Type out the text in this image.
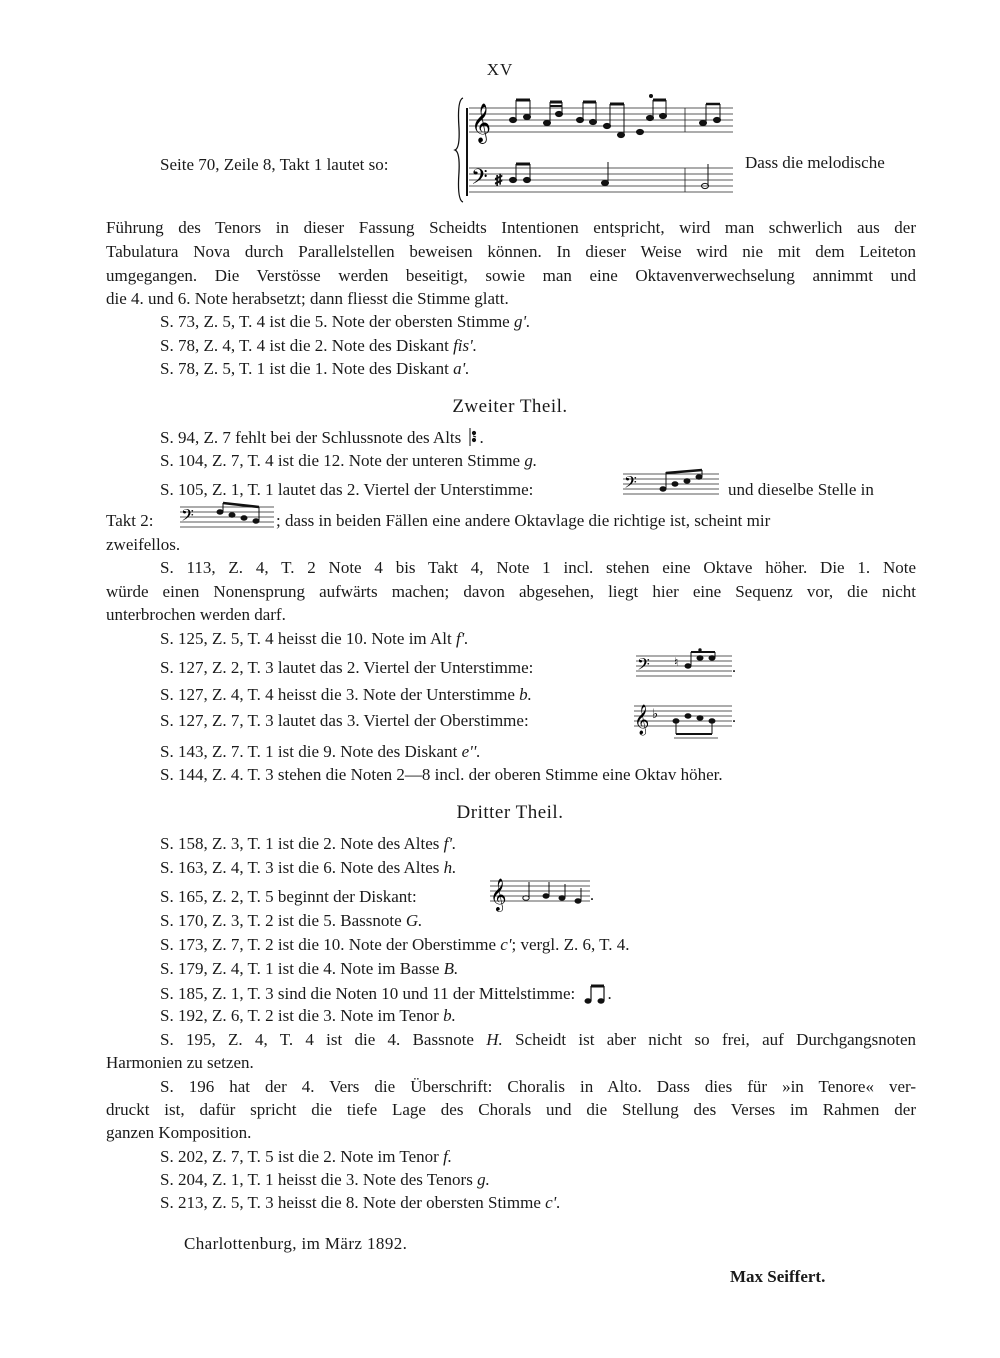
XV
Seite 70, Zeile 8, Takt 1 lautet so:
𝄞
𝄢 ♯
Dass die melodische
Führung des Tenors in dieser Fassung Scheidts Intentionen entspricht, wird man schwerlich aus der
Tabulatura Nova durch Parallelstellen beweisen können. In dieser Weise wird nie mit dem Leiteton
umgegangen. Die Verstösse werden beseitigt, sowie man eine Oktavenverwechselung annimmt und
die 4. und 6. Note herabsetzt; dann fliesst die Stimme glatt.
S. 73, Z. 5, T. 4 ist die 5. Note der obersten Stimme g'.
S. 78, Z. 4, T. 4 ist die 2. Note des Diskant fis'.
S. 78, Z. 5, T. 1 ist die 1. Note des Diskant a'.
Zweiter Theil.
S. 94, Z. 7 fehlt bei der Schlussnote des Alts .
S. 104, Z. 7, T. 4 ist die 12. Note der unteren Stimme g.
S. 105, Z. 1, T. 1 lautet das 2. Viertel der Unterstimme:	𝄢	und dieselbe Stelle in
Takt 2: 𝄢	; dass in beiden Fällen eine andere Oktavlage die richtige ist, scheint mir
zweifellos.
S. 113, Z. 4, T. 2 Note 4 bis Takt 4, Note 1 incl. stehen eine Oktave höher. Die 1. Note
würde einen Nonensprung aufwärts machen; davon abgesehen, liegt hier eine Sequenz vor, die nicht
unterbrochen werden darf.
S. 125, Z. 5, T. 4 heisst die 10. Note im Alt f'.
S. 127, Z. 2, T. 3 lautet das 2. Viertel der Unterstimme:	𝄢 ♮	.
S. 127, Z. 4, T. 4 heisst die 3. Note der Unterstimme b.
S. 127, Z. 7, T. 3 lautet das 3. Viertel der Oberstimme:	𝄞 ♭	.
S. 143, Z. 7. T. 1 ist die 9. Note des Diskant e''.
S. 144, Z. 4. T. 3 stehen die Noten 2—8 incl. der oberen Stimme eine Oktav höher.
Dritter Theil.
S. 158, Z. 3, T. 1 ist die 2. Note des Altes f'.
S. 163, Z. 4, T. 3 ist die 6. Note des Altes h.
S. 165, Z. 2, T. 5 beginnt der Diskant:	𝄞	.
S. 170, Z. 3, T. 2 ist die 5. Bassnote G.
S. 173, Z. 7, T. 2 ist die 10. Note der Oberstimme c'; vergl. Z. 6, T. 4.
S. 179, Z. 4, T. 1 ist die 4. Note im Basse B.
S. 185, Z. 1, T. 3 sind die Noten 10 und 11 der Mittelstimme: .
S. 192, Z. 6, T. 2 ist die 3. Note im Tenor b.
S. 195, Z. 4, T. 4 ist die 4. Bassnote H. Scheidt ist aber nicht so frei, auf Durchgangsnoten
Harmonien zu setzen.
S. 196 hat der 4. Vers die Überschrift: Choralis in Alto. Dass dies für »in Tenore« ver-
druckt ist, dafür spricht die tiefe Lage des Chorals und die Stellung des Verses im Rahmen der
ganzen Komposition.
S. 202, Z. 7, T. 5 ist die 2. Note im Tenor f.
S. 204, Z. 1, T. 1 heisst die 3. Note des Tenors g.
S. 213, Z. 5, T. 3 heisst die 8. Note der obersten Stimme c'.
Charlottenburg, im März 1892.
Max Seiffert.
